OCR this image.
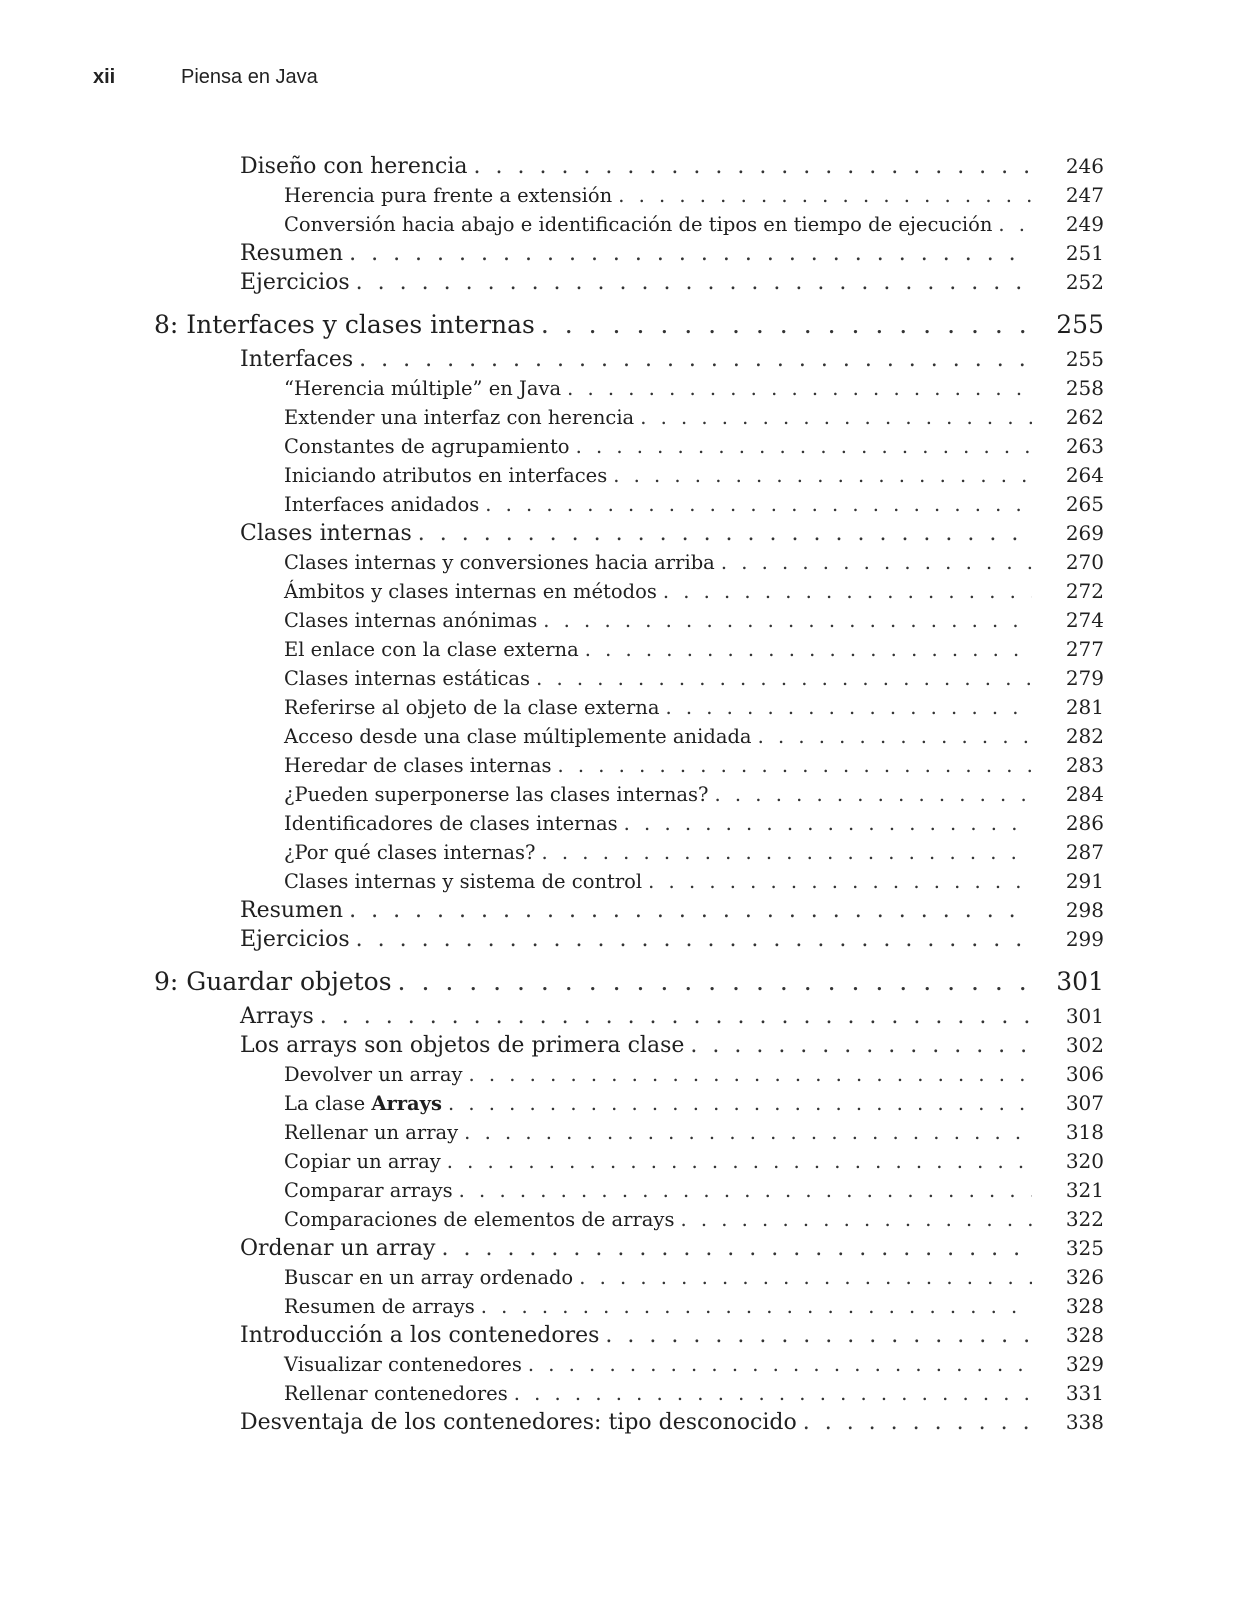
xii	Piensa en Java
Diseño con herencia . . .	246
Herencia pura frente a extensión . . .	247
Conversión hacia abajo e identificación de tipos en tiempo de ejecución . . .	249
Resumen . . .	251
Ejercicios . . .	252
8: Interfaces y clases internas . . .	255
Interfaces . . .	255
“Herencia múltiple” en Java . . .	258
Extender una interfaz con herencia . . .	262
Constantes de agrupamiento . . .	263
Iniciando atributos en interfaces . . .	264
Interfaces anidados . . .	265
Clases internas . . .	269
Clases internas y conversiones hacia arriba . . .	270
Ámbitos y clases internas en métodos . . .	272
Clases internas anónimas . . .	274
El enlace con la clase externa . . .	277
Clases internas estáticas . . .	279
Referirse al objeto de la clase externa . . .	281
Acceso desde una clase múltiplemente anidada . . .	282
Heredar de clases internas . . .	283
¿Pueden superponerse las clases internas? . . .	284
Identificadores de clases internas . . .	286
¿Por qué clases internas? . . .	287
Clases internas y sistema de control . . .	291
Resumen . . .	298
Ejercicios . . .	299
9: Guardar objetos . . .	301
Arrays . . .	301
Los arrays son objetos de primera clase . . .	302
Devolver un array . . .	306
La clase Arrays . . .	307
Rellenar un array . . .	318
Copiar un array . . .	320
Comparar arrays . . .	321
Comparaciones de elementos de arrays . . .	322
Ordenar un array . . .	325
Buscar en un array ordenado . . .	326
Resumen de arrays . . .	328
Introducción a los contenedores . . .	328
Visualizar contenedores . . .	329
Rellenar contenedores . . .	331
Desventaja de los contenedores: tipo desconocido . . .	338
